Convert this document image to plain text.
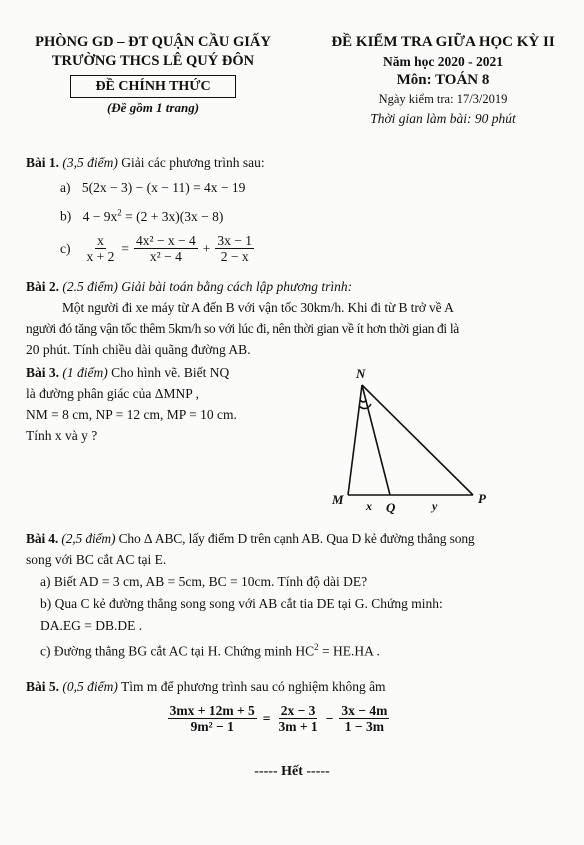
PHÒNG GD – ĐT QUẬN CẦU GIẤY
TRƯỜNG THCS LÊ QUÝ ĐÔN
ĐỀ CHÍNH THỨC
(Đề gồm 1 trang)
ĐỀ KIỂM TRA GIỮA HỌC KỲ II
Năm học 2020 - 2021
Môn: TOÁN 8
Ngày kiểm tra: 17/3/2019
Thời gian làm bài: 90 phút
Bài 1. (3,5 điểm) Giải các phương trình sau:
a) 5(2x − 3) − (x − 11) = 4x − 19
b) $4 - 9x^2 = (2 + 3x)(3x - 8)$
$c) \frac{x}{x + 2} = \frac{\text{4x² − x − 4}}{\text{x² − 4}} + \frac{3x - 1}{2 - x}$
Bài 2. (2.5 điểm) Giải bài toán bằng cách lập phương trình:
Một người đi xe máy từ A đến B với vận tốc 30km/h. Khi đi từ B trở về A
người đó tăng vận tốc thêm 5km/h so với lúc đi, nên thời gian về ít hơn thời gian đi là
20 phút. Tính chiều dài quãng đường AB.
Bài 3. (1 điểm) Cho hình vẽ. Biết NQ
là đường phân giác của ΔMNP ,
NM = 8 cm, NP = 12 cm, MP = 10 cm.
Tính x và y ?
N
M
Q
P
x	y
Bài 4. (2,5 điểm) Cho Δ ABC, lấy điểm D trên cạnh AB. Qua D kẻ đường thẳng song
song với BC cắt AC tại E.
a) Biết AD = 3 cm, AB = 5cm, BC = 10cm. Tính độ dài DE?
b) Qua C kẻ đường thẳng song song với AB cắt tia DE tại G. Chứng minh:
DA.EG = DB.DE .
c) Đường thẳng BG cắt AC tại H. Chứng minh $HC^2 = HE.HA$ .
Bài 5. (0,5 điểm) Tìm m để phương trình sau có nghiệm không âm
$\frac{3mx + 12m + 5}{\text{9m² − 1}} = \frac{2x - 3}{3m + 1} - \frac{3x - 4m}{1 - 3m}$
----- Hết -----
